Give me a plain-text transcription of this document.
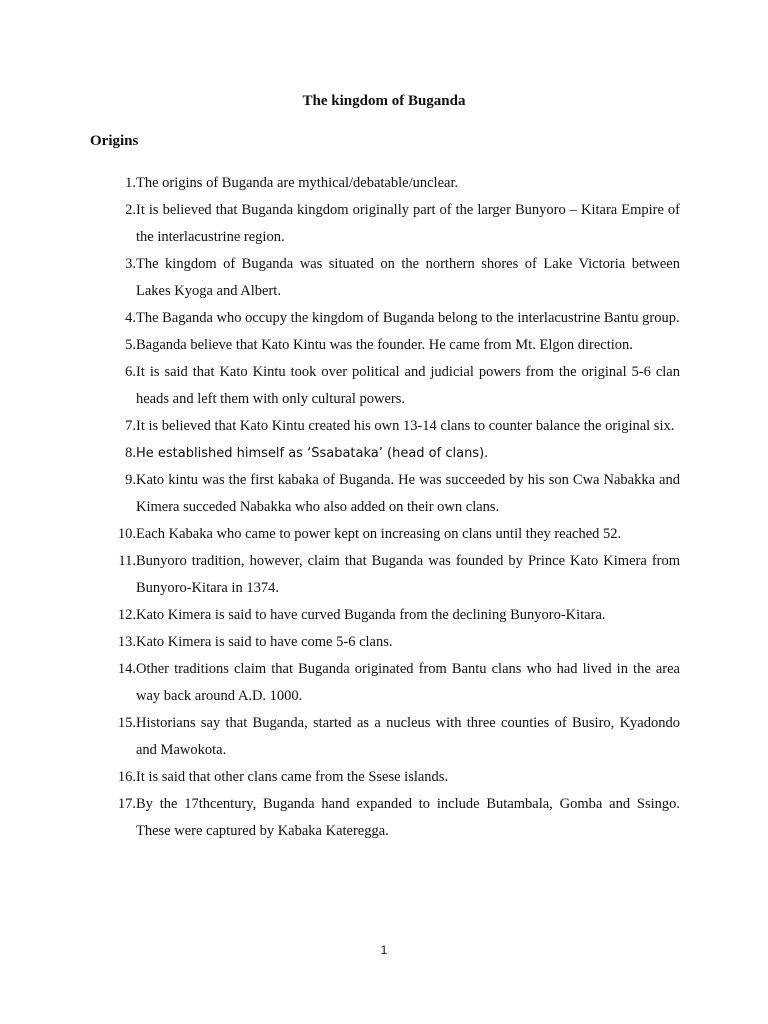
The kingdom of Buganda
Origins
1. The origins of Buganda are mythical/debatable/unclear.
2. It is believed that Buganda kingdom originally part of the larger Bunyoro – Kitara Empire of the interlacustrine region.
3. The kingdom of Buganda was situated on the northern shores of Lake Victoria between Lakes Kyoga and Albert.
4. The Baganda who occupy the kingdom of Buganda belong to the interlacustrine Bantu group.
5. Baganda believe that Kato Kintu was the founder. He came from Mt. Elgon direction.
6. It is said that Kato Kintu took over political and judicial powers from the original 5-6 clan heads and left them with only cultural powers.
7. It is believed that Kato Kintu created his own 13-14 clans to counter balance the original six.
8. He established himself as ‘Ssabataka’ (head of clans).
9. Kato kintu was the first kabaka of Buganda. He was succeeded by his son Cwa Nabakka and Kimera succeded Nabakka who also added on their own clans.
10. Each Kabaka who came to power kept on increasing on clans until they reached 52.
11. Bunyoro tradition, however, claim that Buganda was founded by Prince Kato Kimera from Bunyoro-Kitara in 1374.
12. Kato Kimera is said to have curved Buganda from the declining Bunyoro-Kitara.
13. Kato Kimera is said to have come 5-6 clans.
14. Other traditions claim that Buganda originated from Bantu clans who had lived in the area way back around A.D. 1000.
15. Historians say that Buganda, started as a nucleus with three counties of Busiro, Kyadondo and Mawokota.
16. It is said that other clans came from the Ssese islands.
17. By the 17thcentury, Buganda hand expanded to include Butambala, Gomba and Ssingo. These were captured by Kabaka Kateregga.
1
